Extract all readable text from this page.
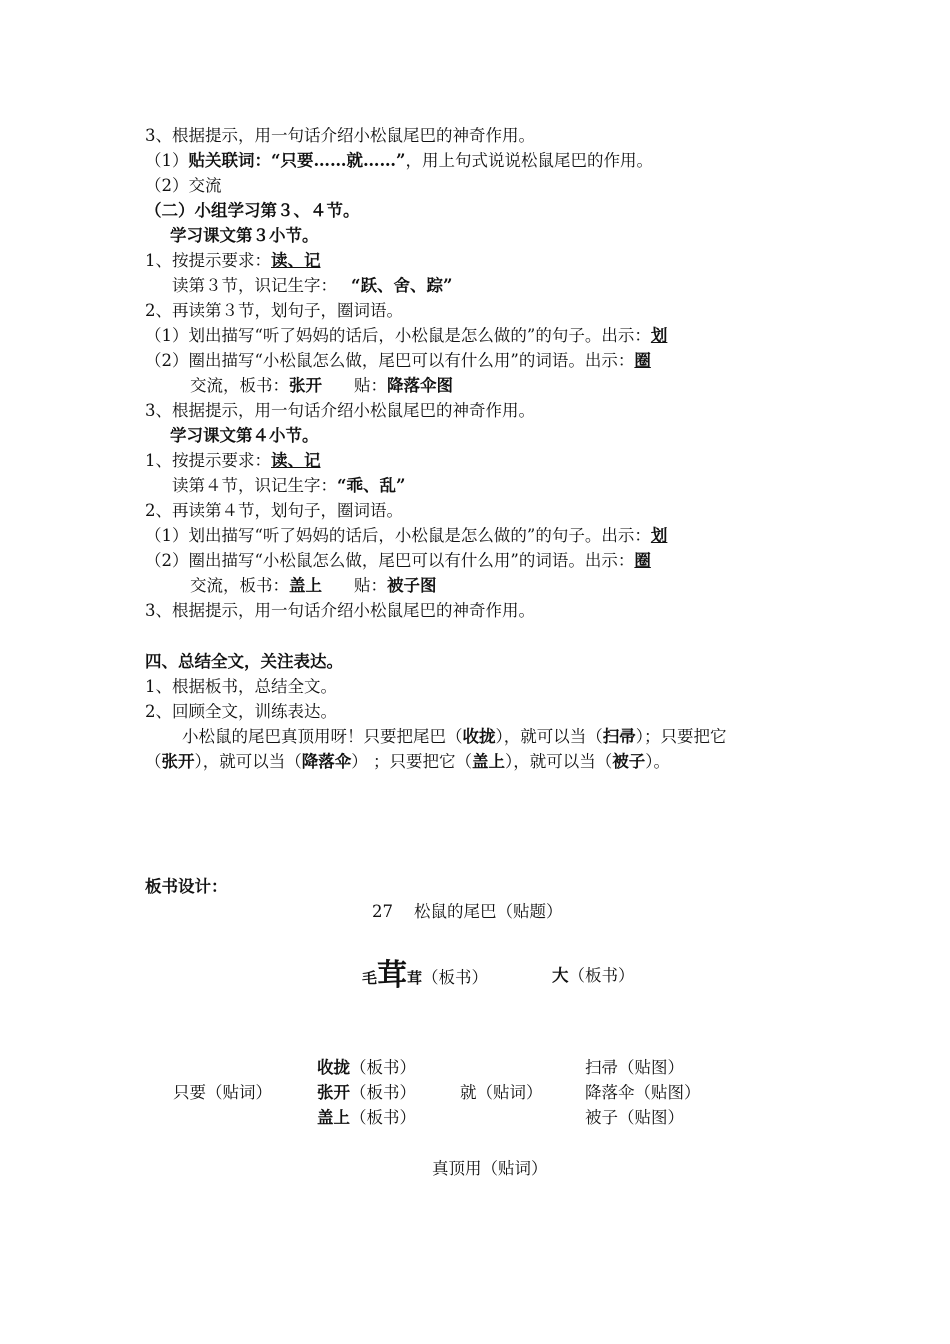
3、根据提示，用一句话介绍小松鼠尾巴的神奇作用。
（1）贴关联词：“只要……就……”，用上句式说说松鼠尾巴的作用。
（2）交流
（二）小组学习第３、４节。
学习课文第３小节。
1、按提示要求：读、记
读第３节，识记生字： “跃、舍、踪”
2、再读第３节，划句子，圈词语。
（1）划出描写“听了妈妈的话后，小松鼠是怎么做的”的句子。出示：划
（2）圈出描写“小松鼠怎么做，尾巴可以有什么用”的词语。出示：圈
交流，板书：张开 贴：降落伞图
3、根据提示，用一句话介绍小松鼠尾巴的神奇作用。
学习课文第４小节。
1、按提示要求：读、记
读第４节，识记生字：“乖、乱”
2、再读第４节，划句子，圈词语。
（1）划出描写“听了妈妈的话后，小松鼠是怎么做的”的句子。出示：划
（2）圈出描写“小松鼠怎么做，尾巴可以有什么用”的词语。出示：圈
交流，板书：盖上 贴：被子图
3、根据提示，用一句话介绍小松鼠尾巴的神奇作用。
四、总结全文，关注表达。
1、根据板书，总结全文。
2、回顾全文，训练表达。
小松鼠的尾巴真顶用呀！只要把尾巴（收拢），就可以当（扫帚）；只要把它
（张开），就可以当（降落伞） ；只要把它（盖上），就可以当（被子）。
板书设计：
27    松鼠的尾巴（贴题）
毛茸茸（板书）	大（板书）
只要（贴词）
收拢（板书）
张开（板书）
盖上（板书）
就（贴词）
扫帚（贴图）
降落伞（贴图）
被子（贴图）
真顶用（贴词）
